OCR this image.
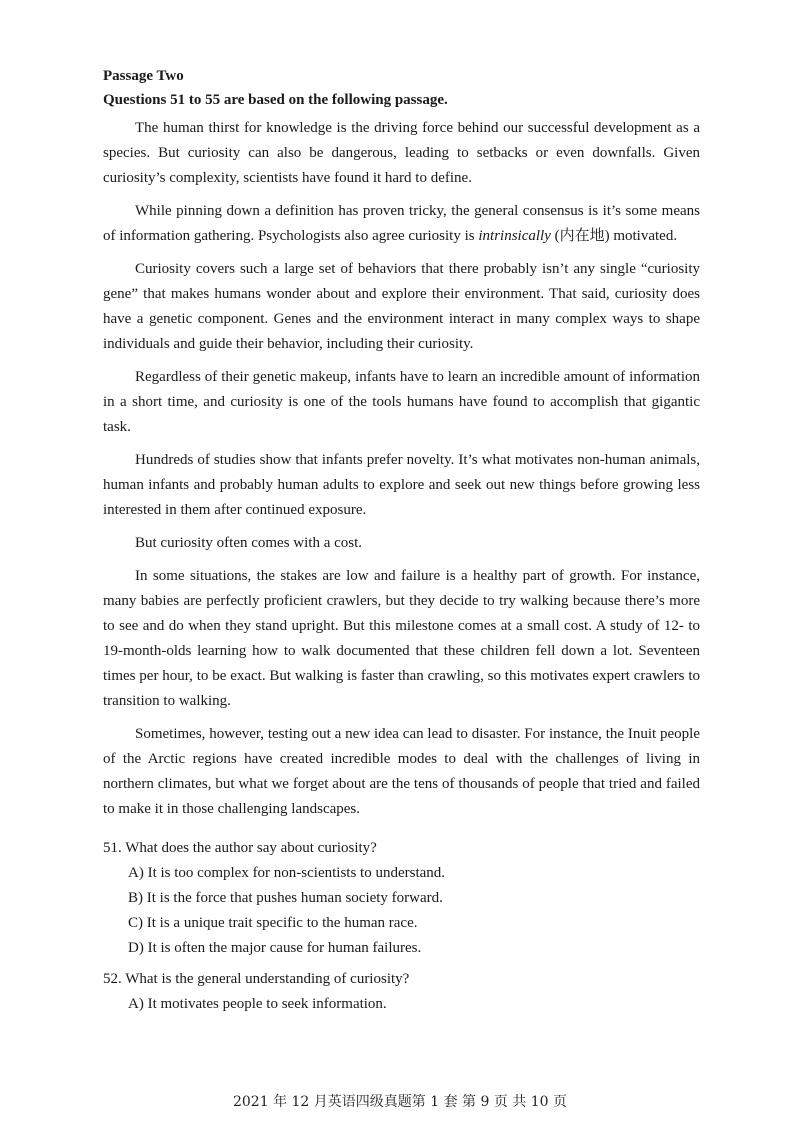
Passage Two
Questions 51 to 55 are based on the following passage.

The human thirst for knowledge is the driving force behind our successful development as a species. But curiosity can also be dangerous, leading to setbacks or even downfalls. Given curiosity’s complexity, scientists have found it hard to define.

While pinning down a definition has proven tricky, the general consensus is it’s some means of information gathering. Psychologists also agree curiosity is intrinsically (内在地) motivated.

Curiosity covers such a large set of behaviors that there probably isn’t any single “curiosity gene” that makes humans wonder about and explore their environment. That said, curiosity does have a genetic component. Genes and the environment interact in many complex ways to shape individuals and guide their behavior, including their curiosity.

Regardless of their genetic makeup, infants have to learn an incredible amount of information in a short time, and curiosity is one of the tools humans have found to accomplish that gigantic task.

Hundreds of studies show that infants prefer novelty. It’s what motivates non-human animals, human infants and probably human adults to explore and seek out new things before growing less interested in them after continued exposure.

But curiosity often comes with a cost.

In some situations, the stakes are low and failure is a healthy part of growth. For instance, many babies are perfectly proficient crawlers, but they decide to try walking because there’s more to see and do when they stand upright. But this milestone comes at a small cost. A study of 12- to 19-month-olds learning how to walk documented that these children fell down a lot. Seventeen times per hour, to be exact. But walking is faster than crawling, so this motivates expert crawlers to transition to walking.

Sometimes, however, testing out a new idea can lead to disaster. For instance, the Inuit people of the Arctic regions have created incredible modes to deal with the challenges of living in northern climates, but what we forget about are the tens of thousands of people that tried and failed to make it in those challenging landscapes.

51. What does the author say about curiosity?
A) It is too complex for non-scientists to understand.
B) It is the force that pushes human society forward.
C) It is a unique trait specific to the human race.
D) It is often the major cause for human failures.
52. What is the general understanding of curiosity?
A) It motivates people to seek information.
2021 年 12 月英语四级真题第 1 套 第 9 页 共 10 页
